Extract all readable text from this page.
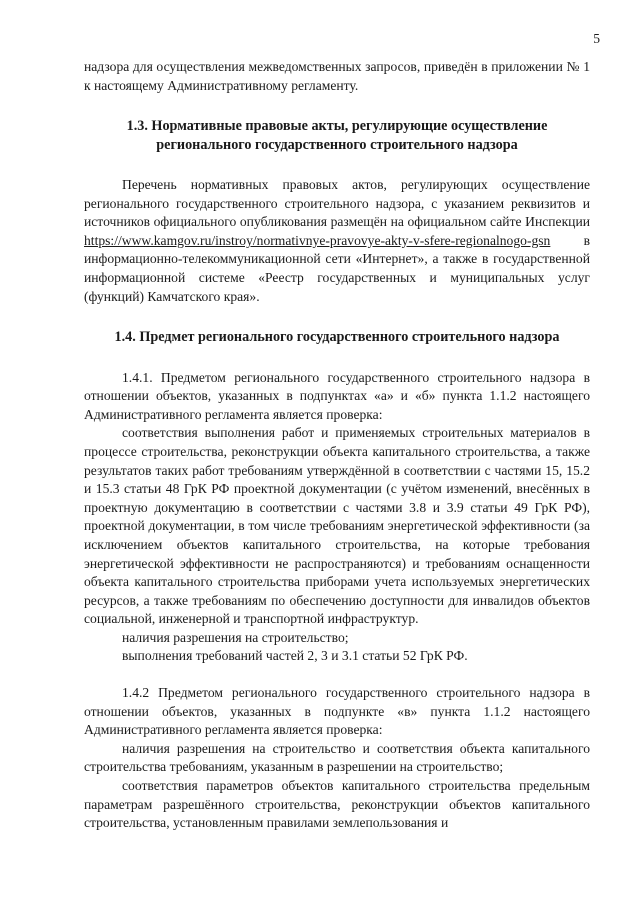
5

надзора для осуществления межведомственных запросов, приведён в приложении № 1 к настоящему Административному регламенту.

1.3. Нормативные правовые акты, регулирующие осуществление регионального государственного строительного надзора

Перечень нормативных правовых актов, регулирующих осуществление регионального государственного строительного надзора, с указанием реквизитов и источников официального опубликования размещён на официальном сайте Инспекции https://www.kamgov.ru/instroy/normativnye-pravovye-akty-v-sfere-regionalnogo-gsn в информационно-телекоммуникационной сети «Интернет», а также в государственной информационной системе «Реестр государственных и муниципальных услуг (функций) Камчатского края».

1.4. Предмет регионального государственного строительного надзора

1.4.1. Предметом регионального государственного строительного надзора в отношении объектов, указанных в подпунктах «а» и «б» пункта 1.1.2 настоящего Административного регламента является проверка:

соответствия выполнения работ и применяемых строительных материалов в процессе строительства, реконструкции объекта капитального строительства, а также результатов таких работ требованиям утверждённой в соответствии с частями 15, 15.2 и 15.3 статьи 48 ГрК РФ проектной документации (с учётом изменений, внесённых в проектную документацию в соответствии с частями 3.8 и 3.9 статьи 49 ГрК РФ), проектной документации, в том числе требованиям энергетической эффективности (за исключением объектов капитального строительства, на которые требования энергетической эффективности не распространяются) и требованиям оснащенности объекта капитального строительства приборами учета используемых энергетических ресурсов, а также требованиям по обеспечению доступности для инвалидов объектов социальной, инженерной и транспортной инфраструктур.

наличия разрешения на строительство;

выполнения требований частей 2, 3 и 3.1 статьи 52 ГрК РФ.

1.4.2 Предметом регионального государственного строительного надзора в отношении объектов, указанных в подпункте «в» пункта 1.1.2 настоящего Административного регламента является проверка:

наличия разрешения на строительство и соответствия объекта капитального строительства требованиям, указанным в разрешении на строительство;

соответствия параметров объектов капитального строительства предельным параметрам разрешённого строительства, реконструкции объектов капитального строительства, установленным правилами землепользования и
